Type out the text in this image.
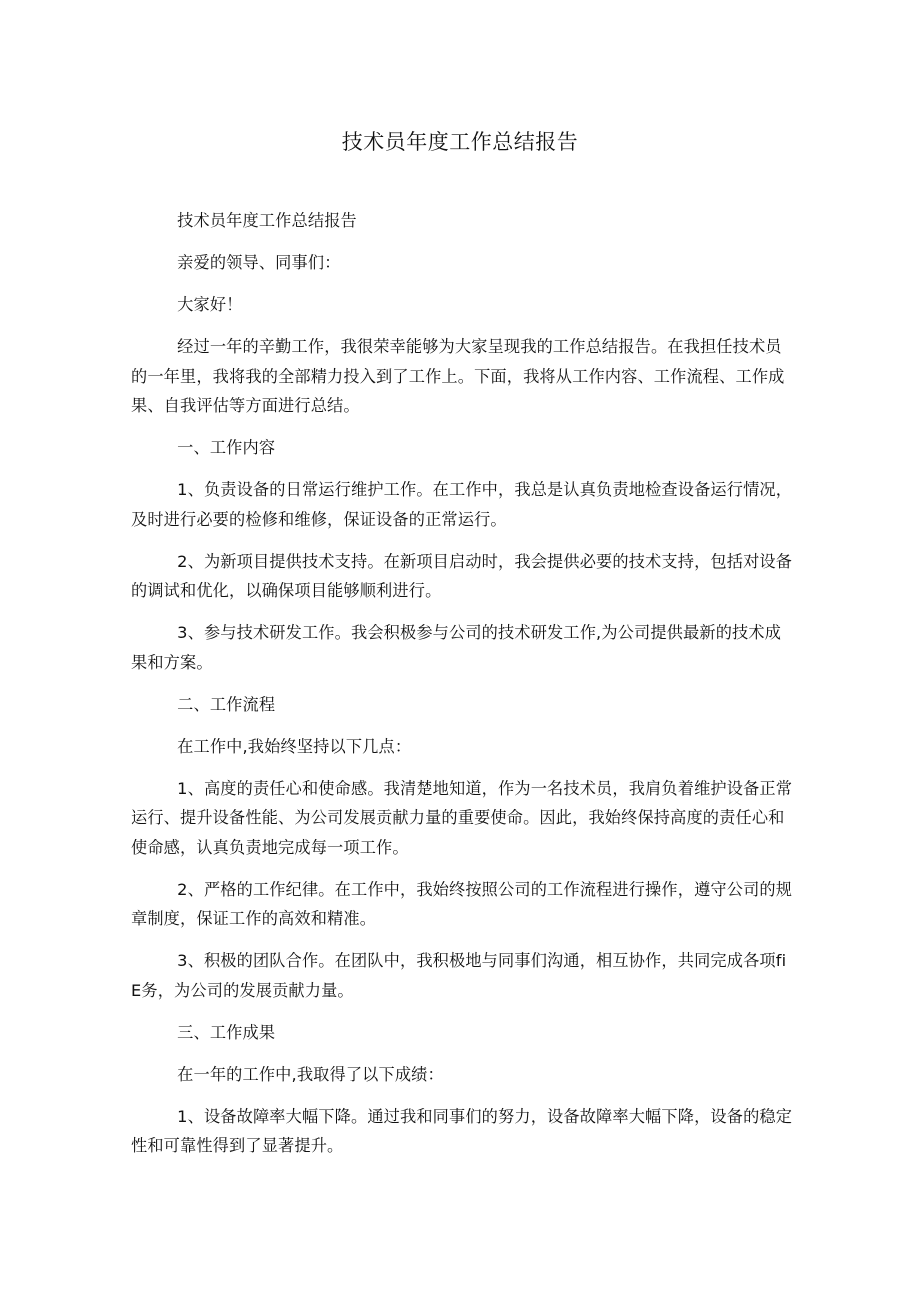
技术员年度工作总结报告

技术员年度工作总结报告

亲爱的领导、同事们：

大家好！

经过一年的辛勤工作，我很荣幸能够为大家呈现我的工作总结报告。在我担任技术员的一年里，我将我的全部精力投入到了工作上。下面，我将从工作内容、工作流程、工作成果、自我评估等方面进行总结。

一、工作内容

1、负责设备的日常运行维护工作。在工作中，我总是认真负责地检查设备运行情况，及时进行必要的检修和维修，保证设备的正常运行。

2、为新项目提供技术支持。在新项目启动时，我会提供必要的技术支持，包括对设备的调试和优化，以确保项目能够顺利进行。

3、参与技术研发工作。我会积极参与公司的技术研发工作,为公司提供最新的技术成果和方案。

二、工作流程

在工作中,我始终坚持以下几点：

1、高度的责任心和使命感。我清楚地知道，作为一名技术员，我肩负着维护设备正常运行、提升设备性能、为公司发展贡献力量的重要使命。因此，我始终保持高度的责任心和使命感，认真负责地完成每一项工作。

2、严格的工作纪律。在工作中，我始终按照公司的工作流程进行操作，遵守公司的规章制度，保证工作的高效和精准。

3、积极的团队合作。在团队中，我积极地与同事们沟通，相互协作，共同完成各项fiE务，为公司的发展贡献力量。

三、工作成果

在一年的工作中,我取得了以下成绩：

1、设备故障率大幅下降。通过我和同事们的努力，设备故障率大幅下降，设备的稳定性和可靠性得到了显著提升。
